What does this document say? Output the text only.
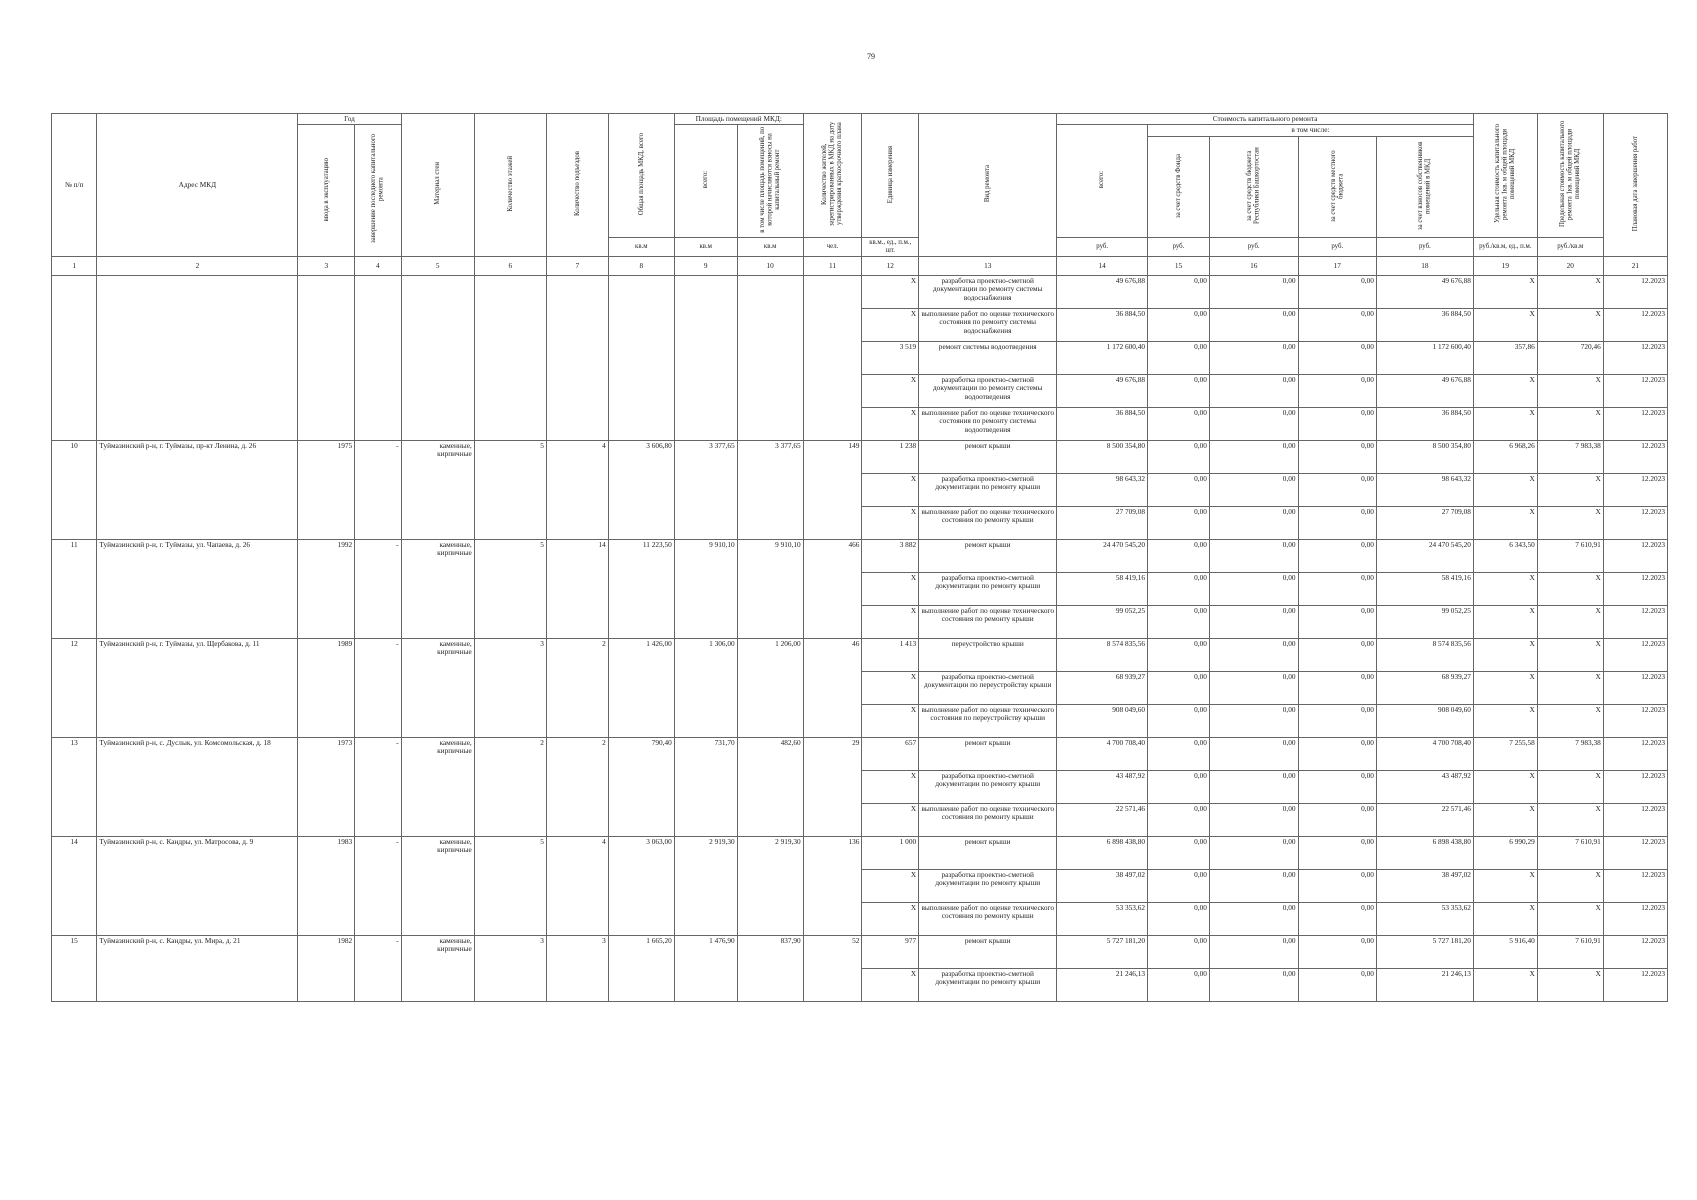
79
№ п/п	Адрес МКД	Год		Материал стен	Количество этажей	Количество подъездов	Общая площадь МКД, всего	Площадь помещений МКД:		Количество жителей, зарегистрированных в МКД на дату утверждения краткосрочного плана	Единица измерения	Вид ремонта	Стоимость капитального ремонта					Удельная стоимость капитального ремонта 1кв. м общей площади помещений МКД	Предельная стоимость капитального ремонта 1кв. м общей площади помещений МКД	Плановая дата завершения работ
		ввода в эксплуатацию	завершение последнего капитального ремонта					всего:	в том числе площадь помещений, по которой начисляются взносы на капитальный ремонт				всего:	в том числе:						
														за счет средств Фонда	за счет средств бюджета Республики Башкортостан	за счет средств местного бюджета	за счет взносов собственников помещений в МКД			
							кв.м	кв.м	кв.м	чел.	кв.м., ед., п.м., шт.		руб.	руб.	руб.	руб.	руб.	руб./кв.м, ед., п.м.	руб./кв.м	
1	2	3	4	5	6	7	8	9	10	11	12	13	14	15	16	17	18	19	20	21
											X	разработка проектно-сметной документации по ремонту системы водоснабжения	49 676,88	0,00	0,00	0,00	49 676,88	X	X	12.2023
											X	выполнение работ по оценке технического состояния по ремонту системы водоснабжения	36 884,50	0,00	0,00	0,00	36 884,50	X	X	12.2023
											3 519	ремонт системы водоотведения	1 172 600,40	0,00	0,00	0,00	1 172 600,40	357,86	720,46	12.2023
											X	разработка проектно-сметной документации по ремонту системы водоотведения	49 676,88	0,00	0,00	0,00	49 676,88	X	X	12.2023
											X	выполнение работ по оценке технического состояния по ремонту системы водоотведения	36 884,50	0,00	0,00	0,00	36 884,50	X	X	12.2023
10	Туймазинский р-н, г. Туймазы, пр-кт Ленина, д. 26	1975	-	каменные, кирпичные	5	4	3 606,80	3 377,65	3 377,65	149	1 238	ремонт крыши	8 500 354,80	0,00	0,00	0,00	8 500 354,80	6 968,26	7 983,38	12.2023
											X	разработка проектно-сметной документации по ремонту крыши	98 643,32	0,00	0,00	0,00	98 643,32	X	X	12.2023
											X	выполнение работ по оценке технического состояния по ремонту крыши	27 709,08	0,00	0,00	0,00	27 709,08	X	X	12.2023
11	Туймазинский р-н, г. Туймазы, ул. Чапаева, д. 26	1992	-	каменные, кирпичные	5	14	11 223,50	9 910,10	9 910,10	466	3 882	ремонт крыши	24 470 545,20	0,00	0,00	0,00	24 470 545,20	6 343,50	7 610,91	12.2023
											X	разработка проектно-сметной документации по ремонту крыши	58 419,16	0,00	0,00	0,00	58 419,16	X	X	12.2023
											X	выполнение работ по оценке технического состояния по ремонту крыши	99 052,25	0,00	0,00	0,00	99 052,25	X	X	12.2023
12	Туймазинский р-н, г. Туймазы, ул. Щербакова, д. 11	1989	-	каменные, кирпичные	3	2	1 426,00	1 306,00	1 206,00	46	1 413	переустройство крыши	8 574 835,56	0,00	0,00	0,00	8 574 835,56	X	X	12.2023
											X	разработка проектно-сметной документации по переустройству крыши	68 939,27	0,00	0,00	0,00	68 939,27	X	X	12.2023
											X	выполнение работ по оценке технического состояния по переустройству крыши	908 049,60	0,00	0,00	0,00	908 049,60	X	X	12.2023
13	Туймазинский р-н, с. Дуслык, ул. Комсомольская, д. 18	1973	-	каменные, кирпичные	2	2	790,40	731,70	482,60	29	657	ремонт крыши	4 700 708,40	0,00	0,00	0,00	4 700 708,40	7 255,58	7 983,38	12.2023
											X	разработка проектно-сметной документации по ремонту крыши	43 487,92	0,00	0,00	0,00	43 487,92	X	X	12.2023
											X	выполнение работ по оценке технического состояния по ремонту крыши	22 571,46	0,00	0,00	0,00	22 571,46	X	X	12.2023
14	Туймазинский р-н, с. Кандры, ул. Матросова, д. 9	1983	-	каменные, кирпичные	5	4	3 063,00	2 919,30	2 919,30	136	1 000	ремонт крыши	6 898 438,80	0,00	0,00	0,00	6 898 438,80	6 990,29	7 610,91	12.2023
											X	разработка проектно-сметной документации по ремонту крыши	38 497,02	0,00	0,00	0,00	38 497,02	X	X	12.2023
											X	выполнение работ по оценке технического состояния по ремонту крыши	53 353,62	0,00	0,00	0,00	53 353,62	X	X	12.2023
15	Туймазинский р-н, с. Кандры, ул. Мира, д. 21	1982	-	каменные, кирпичные	3	3	1 665,20	1 476,90	837,90	52	977	ремонт крыши	5 727 181,20	0,00	0,00	0,00	5 727 181,20	5 916,40	7 610,91	12.2023
											X	разработка проектно-сметной документации по ремонту крыши	21 246,13	0,00	0,00	0,00	21 246,13	X	X	12.2023
